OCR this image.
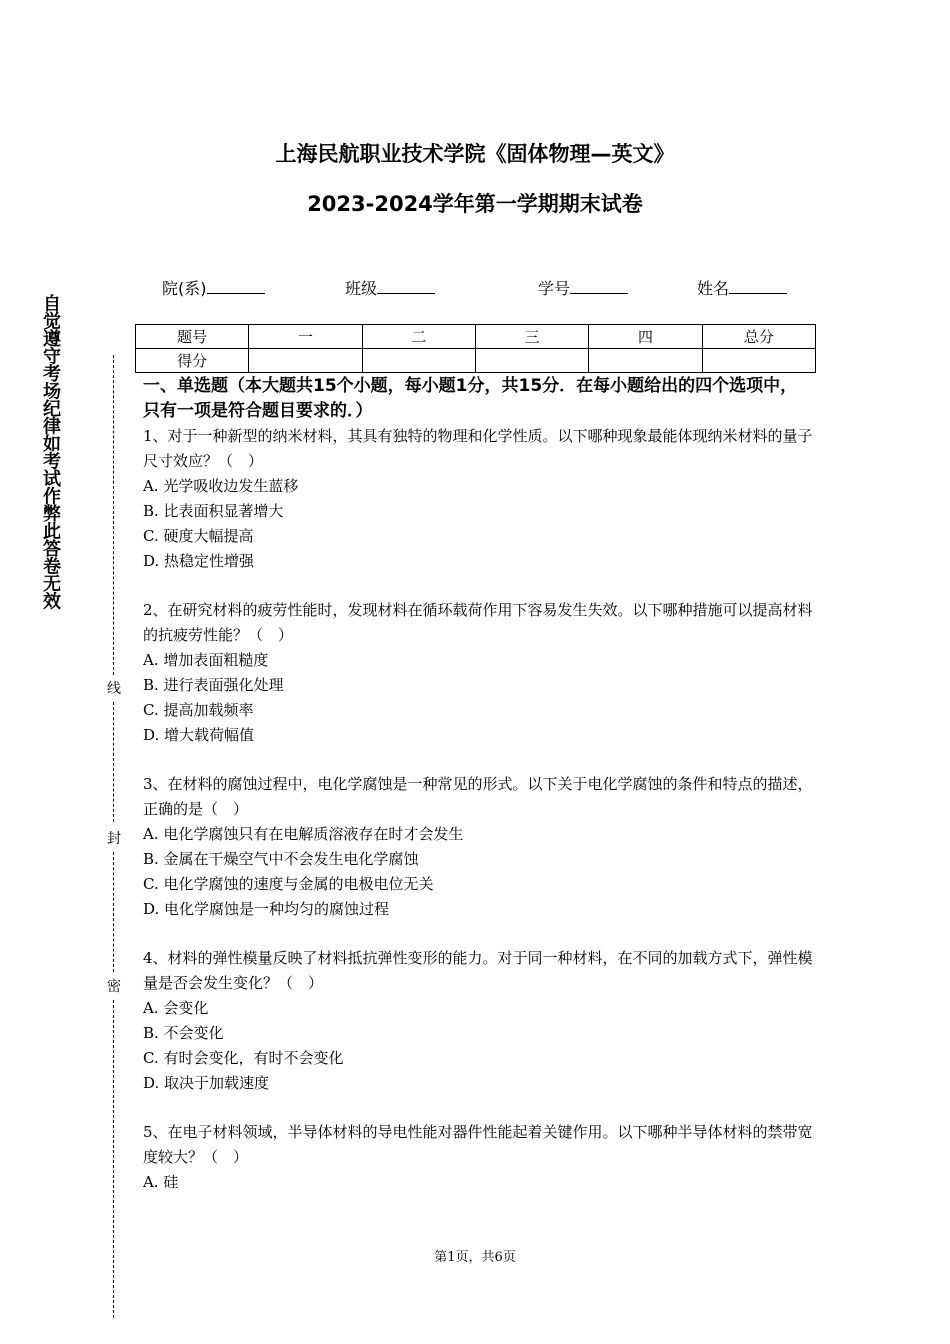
上海民航职业技术学院《固体物理—英文》
2023-2024学年第一学期期末试卷
院(系)	班级	学号	姓名
题号	一	二	三	四	总分
得分					
自觉遵守考场纪律如考试作弊此答卷无效
线
封
密
一、单选题（本大题共15个小题，每小题1分，共15分．在每小题给出的四个选项中，只有一项是符合题目要求的．）

1、对于一种新型的纳米材料，其具有独特的物理和化学性质。以下哪种现象最能体现纳米材料的量子尺寸效应？（　）

A. 光学吸收边发生蓝移

B. 比表面积显著增大

C. 硬度大幅提高

D. 热稳定性增强

2、在研究材料的疲劳性能时，发现材料在循环载荷作用下容易发生失效。以下哪种措施可以提高材料的抗疲劳性能？（　）

A. 增加表面粗糙度

B. 进行表面强化处理

C. 提高加载频率

D. 增大载荷幅值

3、在材料的腐蚀过程中，电化学腐蚀是一种常见的形式。以下关于电化学腐蚀的条件和特点的描述，正确的是（　）

A. 电化学腐蚀只有在电解质溶液存在时才会发生

B. 金属在干燥空气中不会发生电化学腐蚀

C. 电化学腐蚀的速度与金属的电极电位无关

D. 电化学腐蚀是一种均匀的腐蚀过程

4、材料的弹性模量反映了材料抵抗弹性变形的能力。对于同一种材料，在不同的加载方式下，弹性模量是否会发生变化？（　）

A. 会变化

B. 不会变化

C. 有时会变化，有时不会变化

D. 取决于加载速度

5、在电子材料领域，半导体材料的导电性能对器件性能起着关键作用。以下哪种半导体材料的禁带宽度较大？（　）

A. 硅

第1页，共6页
